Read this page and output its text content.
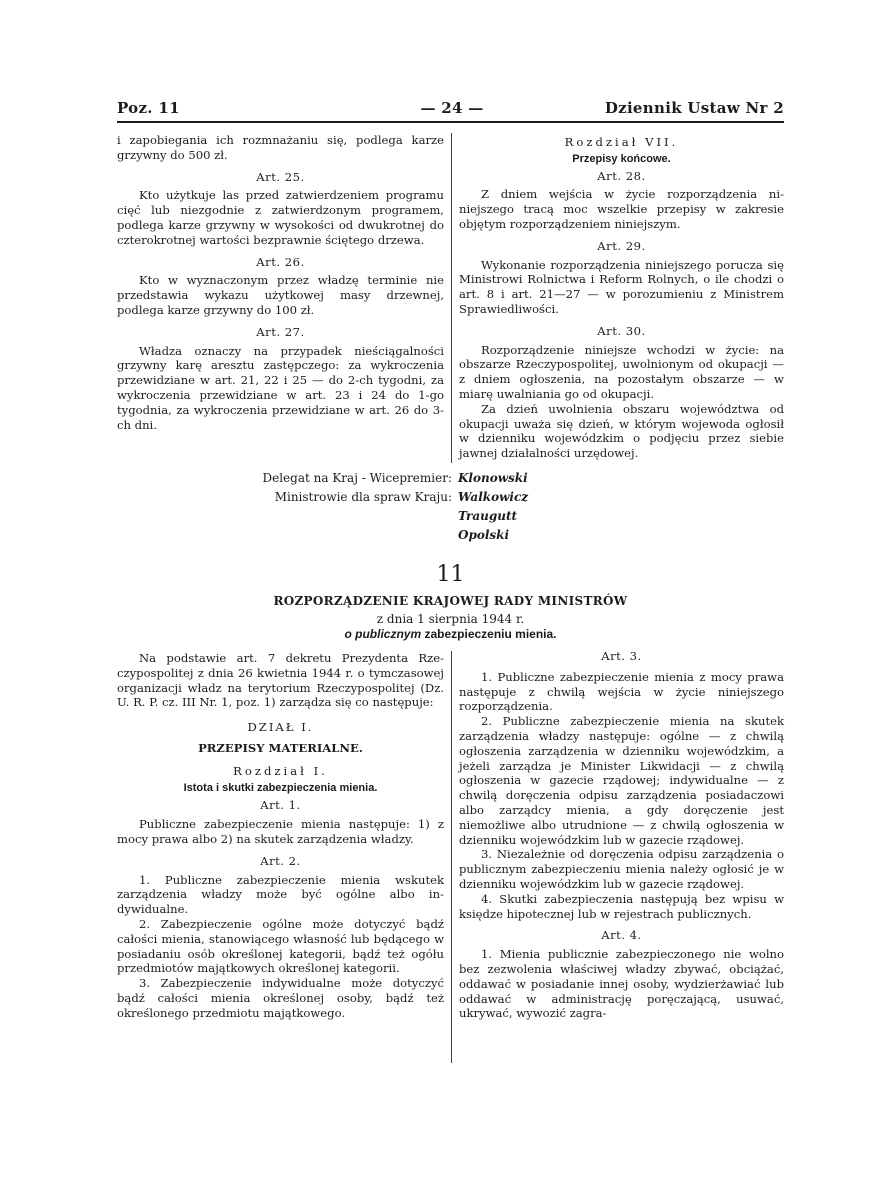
Poz. 11	— 24 —	Dziennik Ustaw Nr 2

i zapobiegania ich rozmnażaniu się, podlega karze grzywny do 500 zł.

Art. 25.

Kto użytkuje las przed zatwierdzeniem programu cięć lub niezgodnie z zatwierdzonym programem, podlega karze grzywny w wysokości od dwukrotnej do czterokrotnej wartości bezprawnie ściętego drzewa.

Art. 26.

Kto w wyznaczonym przez władzę terminie nie przedstawia wykazu użytkowej masy drzewnej, podlega karze grzywny do 100 zł.

Art. 27.

Władza oznaczy na przypadek nieściągalności grzywny karę aresztu zastępczego: za wykroczenia przewidziane w art. 21, 22 i 25 — do 2-ch tygodni, za wykroczenia przewidziane w art. 23 i 24 do 1-go tygodnia, za wykroczenia przewidziane w art. 26 do 3-ch dni.

Rozdział VII.

Przepisy końcowe.

Art. 28.

Z dniem wejścia w życie rozporządzenia niniejszego tracą moc wszelkie przepisy w zakresie objętym rozporządzeniem niniejszym.

Art. 29.

Wykonanie rozporządzenia niniejszego porucza się Ministrowi Rolnictwa i Reform Rolnych, o ile chodzi o art. 8 i art. 21—27 — w porozumieniu z Ministrem Sprawiedliwości.

Art. 30.

Rozporządzenie niniejsze wchodzi w życie: na obszarze Rzeczypospolitej, uwolnionym od okupacji — z dniem ogłoszenia, na pozostałym obszarze — w miarę uwalniania go od okupacji.

Za dzień uwolnienia obszaru województwa od okupacji uważa się dzień, w którym wojewoda ogłosił w dzienniku wojewódzkim o podjęciu przez siebie jawnej działalności urzędowej.

Delegat na Kraj - Wicepremier: Klonowski
Ministrowie dla spraw Kraju: Walkowicz
Traugutt
Opolski
11
ROZPORZĄDZENIE KRAJOWEJ RADY MINISTRÓW
z dnia 1 sierpnia 1944 r.
o publicznym zabezpieczeniu mienia.

Na podstawie art. 7 dekretu Prezydenta Rzeczypospolitej z dnia 26 kwietnia 1944 r. o tymczasowej organizacji władz na terytorium Rzeczypospolitej (Dz. U. R. P. cz. III Nr. 1, poz. 1) zarządza się co następuje:

DZIAŁ I.

PRZEPISY MATERIALNE.

Rozdział I.

Istota i skutki zabezpieczenia mienia.

Art. 1.

Publiczne zabezpieczenie mienia następuje: 1) z mocy prawa albo 2) na skutek zarządzenia władzy.

Art. 2.

1. Publiczne zabezpieczenie mienia wskutek zarządzenia władzy może być ogólne albo indywidualne.

2. Zabezpieczenie ogólne może dotyczyć bądź całości mienia, stanowiącego własność lub będącego w posiadaniu osób określonej kategorii, bądź też ogółu przedmiotów majątkowych określonej kategorii.

3. Zabezpieczenie indywidualne może dotyczyć bądź całości mienia określonej osoby, bądź też określonego przedmiotu majątkowego.

Art. 3.

1. Publiczne zabezpieczenie mienia z mocy prawa następuje z chwilą wejścia w życie niniejszego rozporządzenia.

2. Publiczne zabezpieczenie mienia na skutek zarządzenia władzy następuje: ogólne — z chwilą ogłoszenia zarządzenia w dzienniku wojewódzkim, a jeżeli zarządza je Minister Likwidacji — z chwilą ogłoszenia w gazecie rządowej; indywidualne — z chwilą doręczenia odpisu zarządzenia posiadaczowi albo zarządcy mienia, a gdy doręczenie jest niemożliwe albo utrudnione — z chwilą ogłoszenia w dzienniku wojewódzkim lub w gazecie rządowej.

3. Niezależnie od doręczenia odpisu zarządzenia o publicznym zabezpieczeniu mienia należy ogłosić je w dzienniku wojewódzkim lub w gazecie rządowej.

4. Skutki zabezpieczenia następują bez wpisu w księdze hipotecznej lub w rejestrach publicznych.

Art. 4.

1. Mienia publicznie zabezpieczonego nie wolno bez zezwolenia właściwej władzy zbywać, obciążać, oddawać w posiadanie innej osoby, wydzierżawiać lub oddawać w administrację poręczającą, usuwać, ukrywać, wywozić zagra-
